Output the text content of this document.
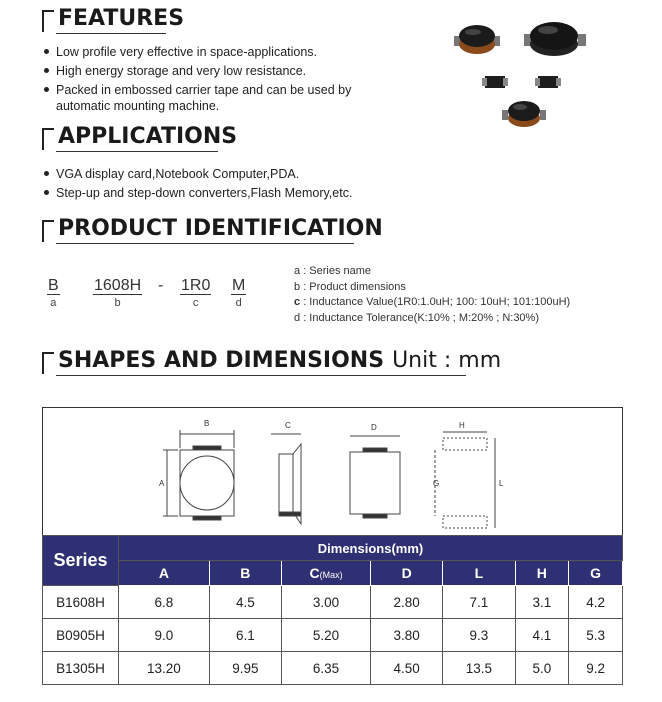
FEATURES
Low profile very effective in space-applications.
High energy storage and very low resistance.
Packed in embossed carrier tape and can be used by automatic mounting machine.
APPLICATIONS
VGA display card,Notebook Computer,PDA.
Step-up and step-down converters,Flash Memory,etc.
PRODUCT IDENTIFICATION
B
a
1608H
b
- 1R0
c
M
d
a : Series name
b : Product dimensions
c : Inductance Value(1R0:1.0uH; 100: 10uH; 101:100uH)
d : Inductance Tolerance(K:10% ; M:20% ; N:30%)
SHAPES AND DIMENSIONS Unit : mm
B
A
C	D	H
G	L
Series	Dimensions(mm)						
	A	B	C(Max)	D	L	H	G
B1608H	6.8	4.5	3.00	2.80	7.1	3.1	4.2
B0905H	9.0	6.1	5.20	3.80	9.3	4.1	5.3
B1305H	13.20	9.95	6.35	4.50	13.5	5.0	9.2
